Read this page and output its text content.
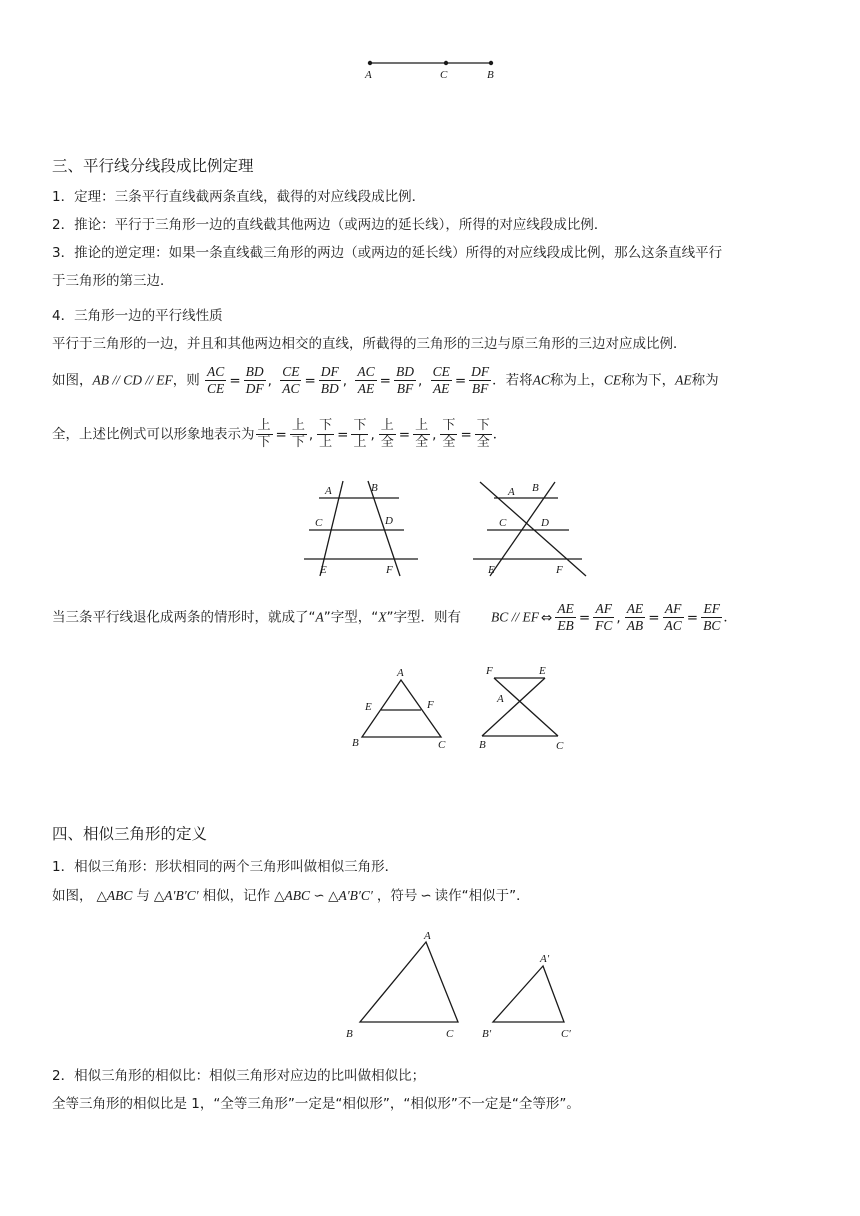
A	C	B
三、平行线分线段成比例定理
1．定理：三条平行直线截两条直线，截得的对应线段成比例．
2．推论：平行于三角形一边的直线截其他两边（或两边的延长线），所得的对应线段成比例．
3．推论的逆定理：如果一条直线截三角形的两边（或两边的延长线）所得的对应线段成比例，那么这条直线平行
于三角形的第三边．
4．三角形一边的平行线性质
平行于三角形的一边，并且和其他两边相交的直线，所截得的三角形的三边与原三角形的三边对应成比例．
如图，AB // CD // EF，则 $\frac{AC}{CE} = \frac{BD}{DF}$ , $\frac{CE}{AC} = \frac{DF}{BD}$ , $\frac{AC}{AE} = \frac{BD}{BF}$ , $\frac{CE}{AE} = \frac{DF}{BF}$ ．若将AC称为上，CE称为下，AE称为
全，上述比例式可以形象地表示为 $\frac{\text{上}}{\text{下}} = \frac{\text{上}}{\text{下}}$ , $\frac{\text{下}}{\text{上}} = \frac{\text{下}}{\text{上}}$ , $\frac{\text{上}}{\text{全}} = \frac{\text{上}}{\text{全}}$ , $\frac{\text{下}}{\text{全}} = \frac{\text{下}}{\text{全}}$ ．
A	B
C	D
E	F
A B
C	D
E	F
当三条平行线退化成两条的情形时，就成了“A”字型，“X”字型．则有 BC // EF ⇔ $\frac{AE}{EB} = \frac{AF}{FC}$ , $\frac{AE}{AB} = \frac{AF}{AC} = \frac{EF}{BC}$ ．
A
E	F
B	C
F	E
A
B	C
四、相似三角形的定义
1．相似三角形：形状相同的两个三角形叫做相似三角形．
如图， △ABC 与 △A′B′C′ 相似，记作 △ABC ∽ △A′B′C′ ，符号 ∽ 读作“相似于”．
A
B	C
A′
B′	C′
2．相似三角形的相似比：相似三角形对应边的比叫做相似比；
全等三角形的相似比是 1，“全等三角形”一定是“相似形”，“相似形”不一定是“全等形”。
